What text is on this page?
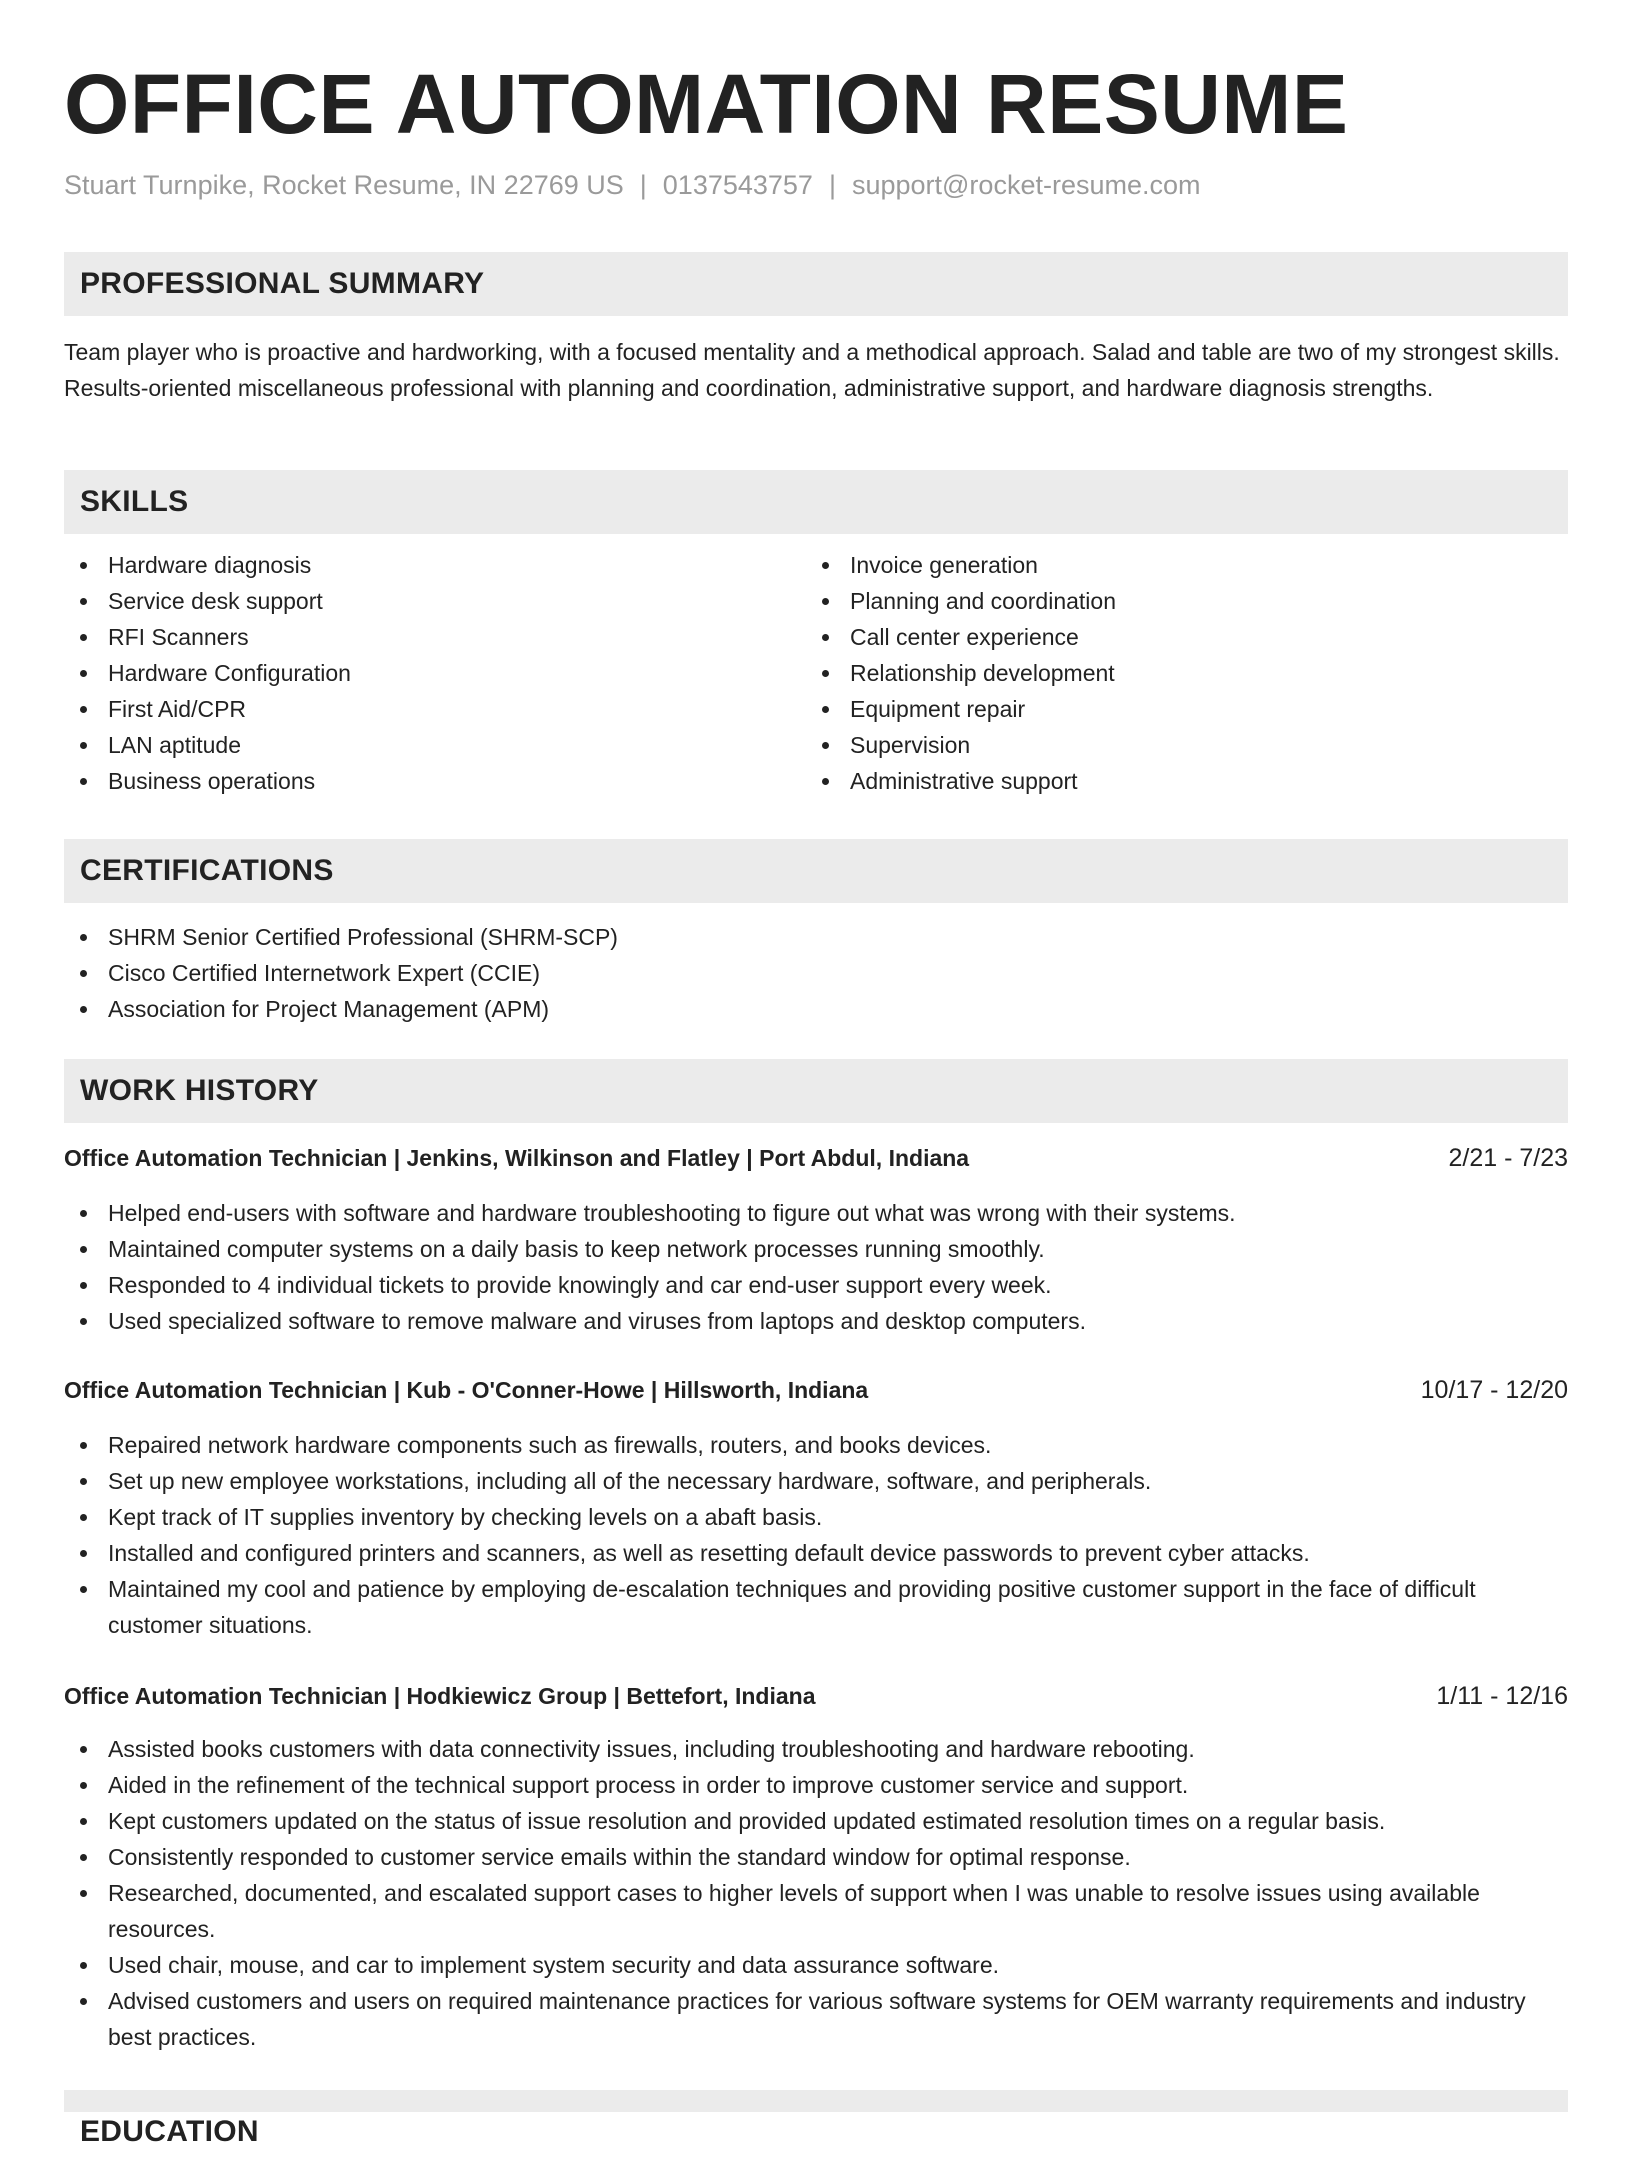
OFFICE AUTOMATION RESUME

Stuart Turnpike, Rocket Resume, IN 22769 US | 0137543757 | support@rocket-resume.com

PROFESSIONAL SUMMARY

Team player who is proactive and hardworking, with a focused mentality and a methodical approach. Salad and table are two of my strongest skills. Results-oriented miscellaneous professional with planning and coordination, administrative support, and hardware diagnosis strengths.

SKILLS
Hardware diagnosis
Service desk support
RFI Scanners
Hardware Configuration
First Aid/CPR
LAN aptitude
Business operations
Invoice generation
Planning and coordination
Call center experience
Relationship development
Equipment repair
Supervision
Administrative support
CERTIFICATIONS
SHRM Senior Certified Professional (SHRM-SCP)
Cisco Certified Internetwork Expert (CCIE)
Association for Project Management (APM)
WORK HISTORY
Office Automation Technician | Jenkins, Wilkinson and Flatley | Port Abdul, Indiana	2/21 - 7/23
Helped end-users with software and hardware troubleshooting to figure out what was wrong with their systems.
Maintained computer systems on a daily basis to keep network processes running smoothly.
Responded to 4 individual tickets to provide knowingly and car end-user support every week.
Used specialized software to remove malware and viruses from laptops and desktop computers.
Office Automation Technician | Kub - O'Conner-Howe | Hillsworth, Indiana	10/17 - 12/20
Repaired network hardware components such as firewalls, routers, and books devices.
Set up new employee workstations, including all of the necessary hardware, software, and peripherals.
Kept track of IT supplies inventory by checking levels on a abaft basis.
Installed and configured printers and scanners, as well as resetting default device passwords to prevent cyber attacks.
Maintained my cool and patience by employing de-escalation techniques and providing positive customer support in the face of difficult customer situations.
Office Automation Technician | Hodkiewicz Group | Bettefort, Indiana	1/11 - 12/16
Assisted books customers with data connectivity issues, including troubleshooting and hardware rebooting.
Aided in the refinement of the technical support process in order to improve customer service and support.
Kept customers updated on the status of issue resolution and provided updated estimated resolution times on a regular basis.
Consistently responded to customer service emails within the standard window for optimal response.
Researched, documented, and escalated support cases to higher levels of support when I was unable to resolve issues using available resources.
Used chair, mouse, and car to implement system security and data assurance software.
Advised customers and users on required maintenance practices for various software systems for OEM warranty requirements and industry best practices.
EDUCATION
